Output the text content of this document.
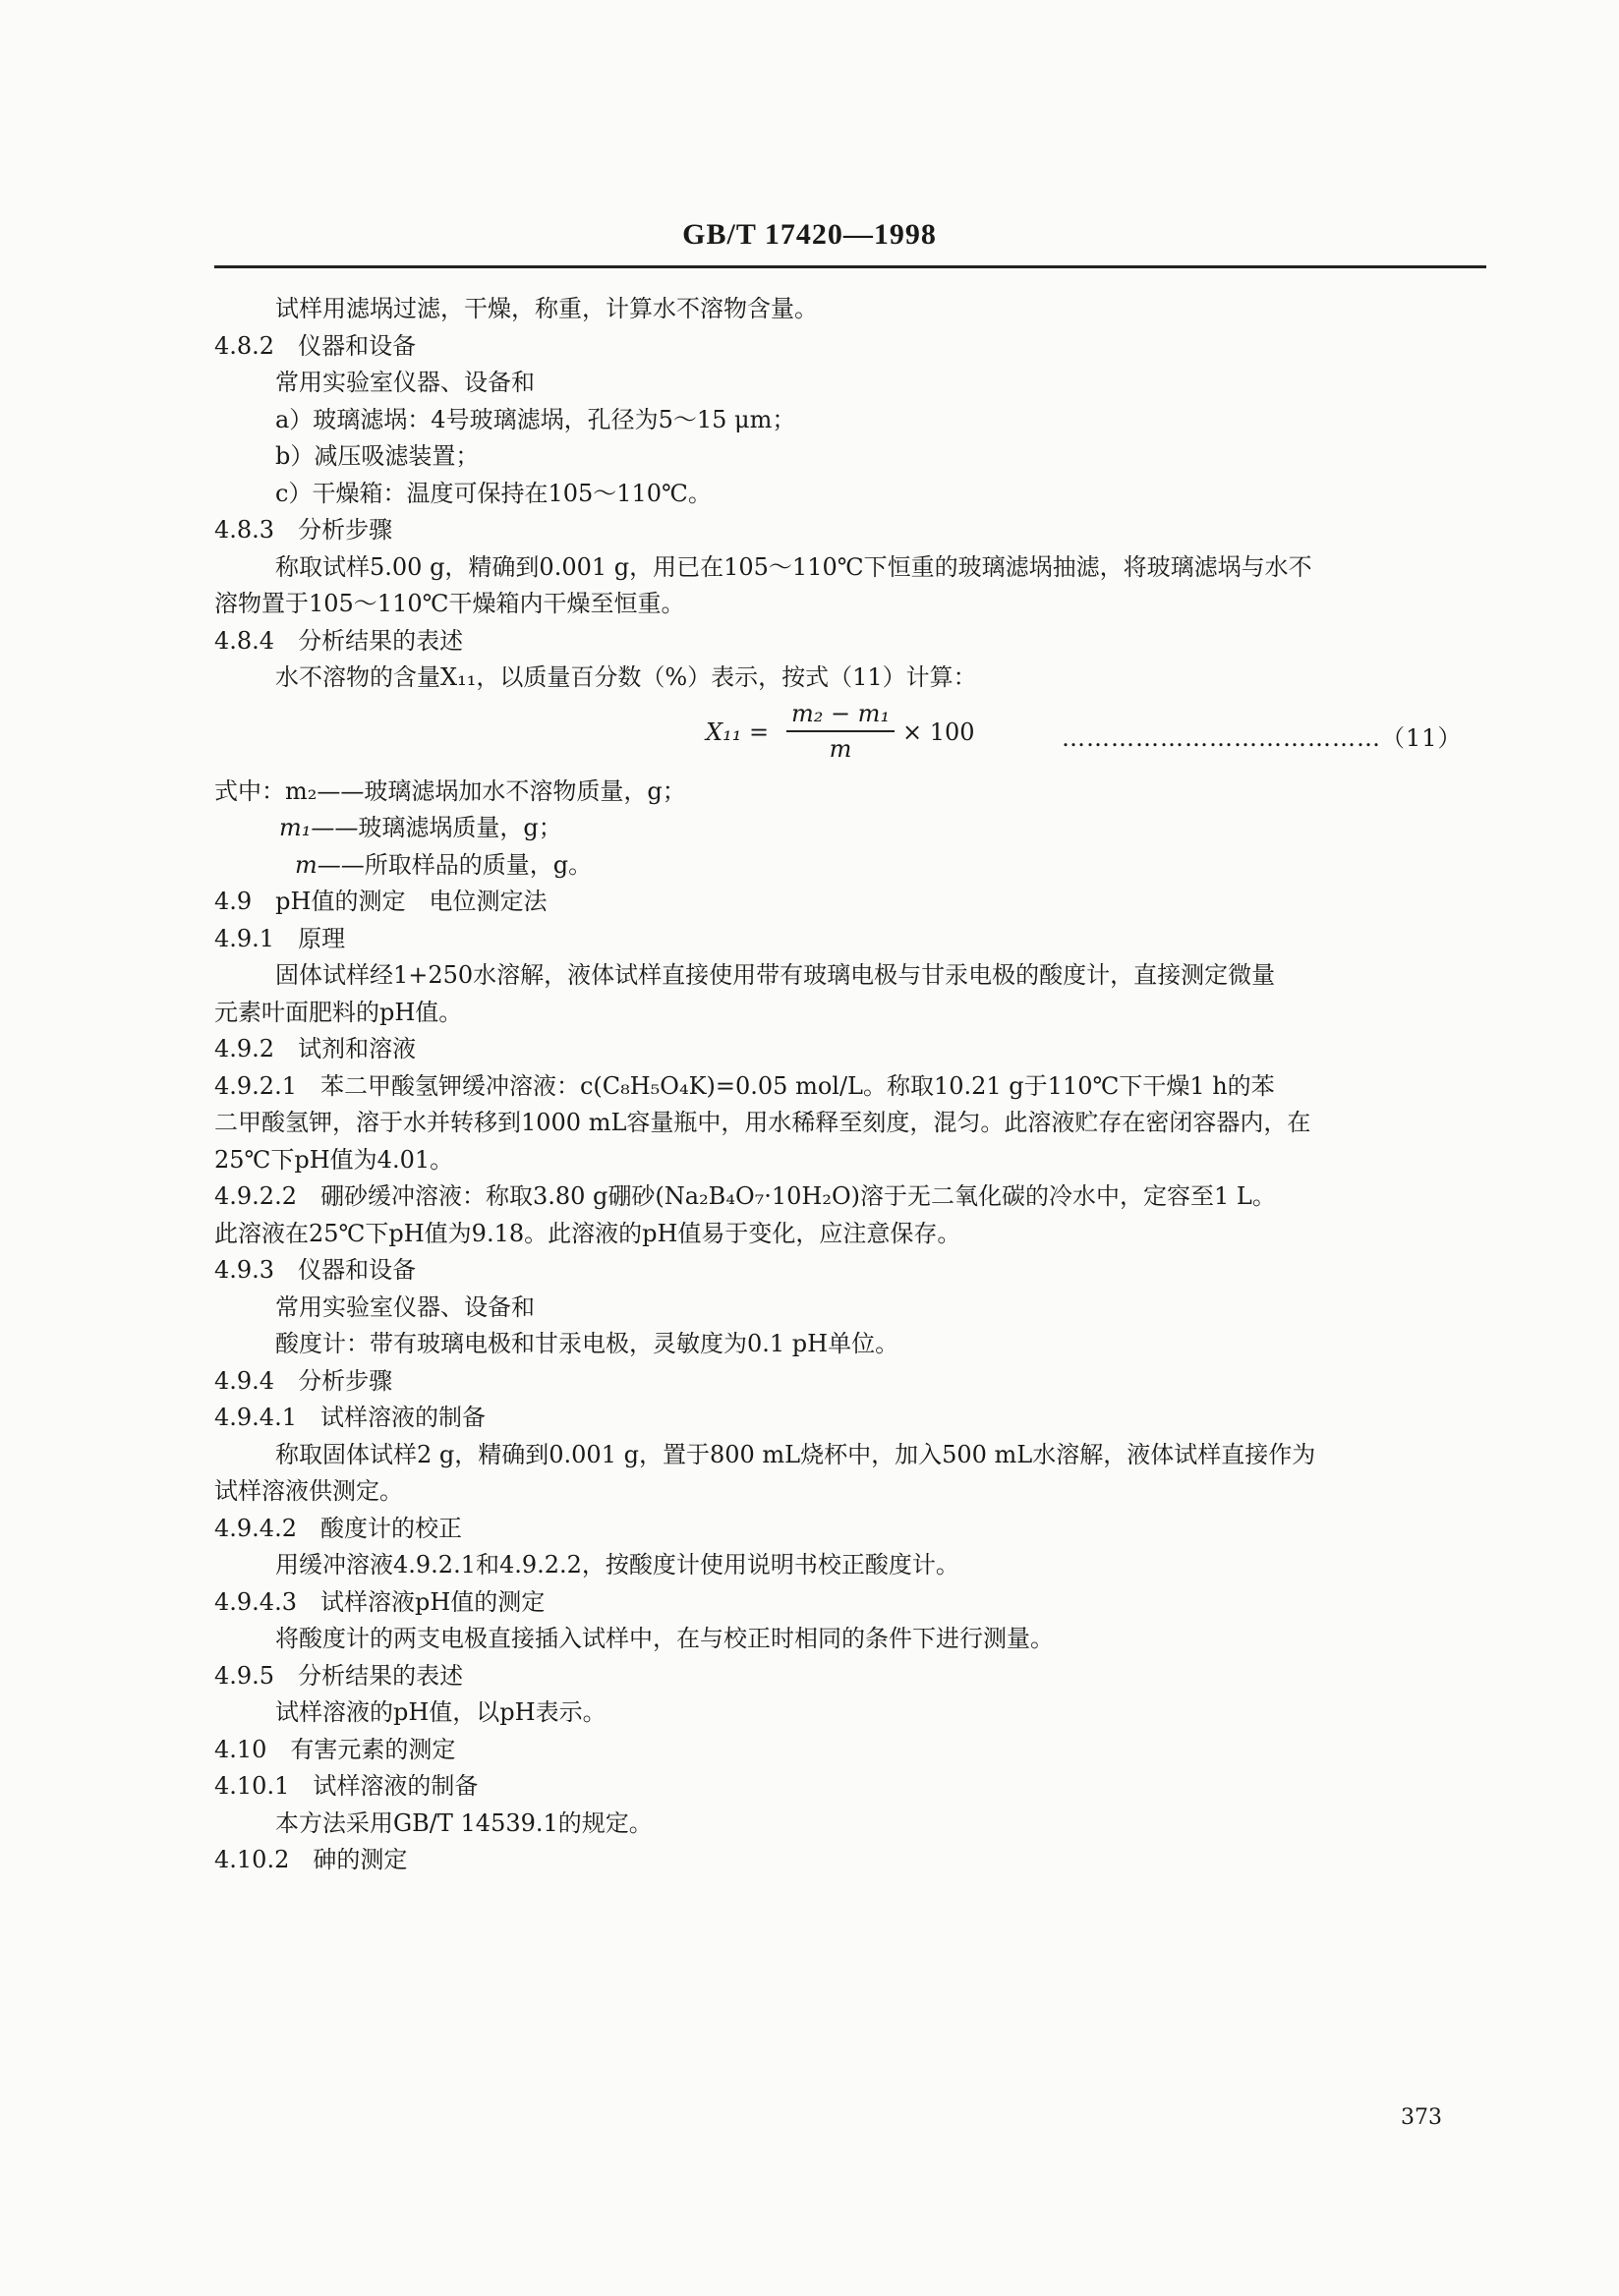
GB/T 17420—1998
试样用滤埚过滤，干燥，称重，计算水不溶物含量。
4.8.2　仪器和设备
常用实验室仪器、设备和
a）玻璃滤埚：4号玻璃滤埚，孔径为5～15 μm；
b）减压吸滤装置；
c）干燥箱：温度可保持在105～110℃。
4.8.3　分析步骤
称取试样5.00 g，精确到0.001 g，用已在105～110℃下恒重的玻璃滤埚抽滤，将玻璃滤埚与水不
溶物置于105～110℃干燥箱内干燥至恒重。
4.8.4　分析结果的表述
水不溶物的含量X₁₁，以质量百分数（%）表示，按式（11）计算：
$X_{11} = \frac{\text{m₂ − m₁}}{m} \times 100$	…………………………………（11）
式中：m₂——玻璃滤埚加水不溶物质量，g；
m₁——玻璃滤埚质量，g；
m——所取样品的质量，g。
4.9　pH值的测定　电位测定法
4.9.1　原理
固体试样经1+250水溶解，液体试样直接使用带有玻璃电极与甘汞电极的酸度计，直接测定微量
元素叶面肥料的pH值。
4.9.2　试剂和溶液
4.9.2.1　苯二甲酸氢钾缓冲溶液：c(C₈H₅O₄K)=0.05 mol/L。称取10.21 g于110℃下干燥1 h的苯
二甲酸氢钾，溶于水并转移到1000 mL容量瓶中，用水稀释至刻度，混匀。此溶液贮存在密闭容器内，在
25℃下pH值为4.01。
4.9.2.2　硼砂缓冲溶液：称取3.80 g硼砂(Na₂B₄O₇·10H₂O)溶于无二氧化碳的冷水中，定容至1 L。
此溶液在25℃下pH值为9.18。此溶液的pH值易于变化，应注意保存。
4.9.3　仪器和设备
常用实验室仪器、设备和
酸度计：带有玻璃电极和甘汞电极，灵敏度为0.1 pH单位。
4.9.4　分析步骤
4.9.4.1　试样溶液的制备
称取固体试样2 g，精确到0.001 g，置于800 mL烧杯中，加入500 mL水溶解，液体试样直接作为
试样溶液供测定。
4.9.4.2　酸度计的校正
用缓冲溶液4.9.2.1和4.9.2.2，按酸度计使用说明书校正酸度计。
4.9.4.3　试样溶液pH值的测定
将酸度计的两支电极直接插入试样中，在与校正时相同的条件下进行测量。
4.9.5　分析结果的表述
试样溶液的pH值，以pH表示。
4.10　有害元素的测定
4.10.1　试样溶液的制备
本方法采用GB/T 14539.1的规定。
4.10.2　砷的测定
373
